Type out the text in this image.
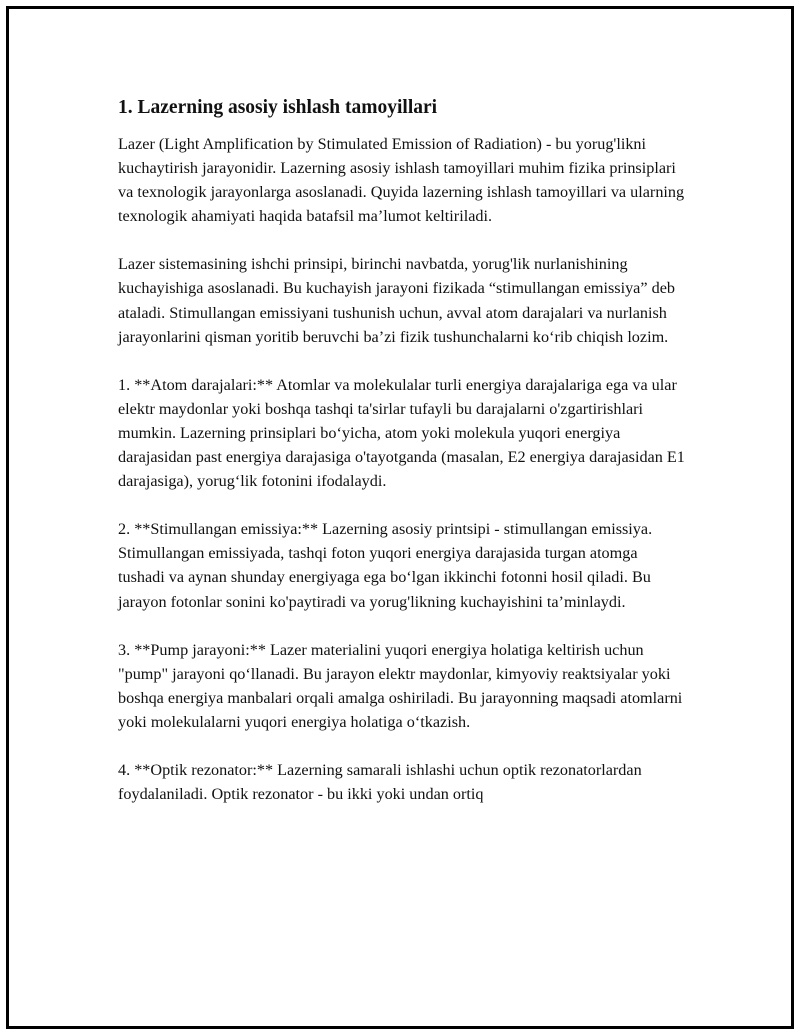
1. Lazerning asosiy ishlash tamoyillari

Lazer (Light Amplification by Stimulated Emission of Radiation) - bu yorug'likni kuchaytirish jarayonidir. Lazerning asosiy ishlash tamoyillari muhim fizika prinsiplari va texnologik jarayonlarga asoslanadi. Quyida lazerning ishlash tamoyillari va ularning texnologik ahamiyati haqida batafsil ma’lumot keltiriladi.

Lazer sistemasining ishchi prinsipi, birinchi navbatda, yorug'lik nurlanishining kuchayishiga asoslanadi. Bu kuchayish jarayoni fizikada “stimullangan emissiya” deb ataladi. Stimullangan emissiyani tushunish uchun, avval atom darajalari va nurlanish jarayonlarini qisman yoritib beruvchi ba’zi fizik tushunchalarni ko‘rib chiqish lozim.

1. **Atom darajalari:** Atomlar va molekulalar turli energiya darajalariga ega va ular elektr maydonlar yoki boshqa tashqi ta'sirlar tufayli bu darajalarni o'zgartirishlari mumkin. Lazerning prinsiplari bo‘yicha, atom yoki molekula yuqori energiya darajasidan past energiya darajasiga o'tayotganda (masalan, E2 energiya darajasidan E1 darajasiga), yorug‘lik fotonini ifodalaydi.

2. **Stimullangan emissiya:** Lazerning asosiy printsipi - stimullangan emissiya. Stimullangan emissiyada, tashqi foton yuqori energiya darajasida turgan atomga tushadi va aynan shunday energiyaga ega bo‘lgan ikkinchi fotonni hosil qiladi. Bu jarayon fotonlar sonini ko'paytiradi va yorug'likning kuchayishini ta’minlaydi.

3. **Pump jarayoni:** Lazer materialini yuqori energiya holatiga keltirish uchun "pump" jarayoni qo‘llanadi. Bu jarayon elektr maydonlar, kimyoviy reaktsiyalar yoki boshqa energiya manbalari orqali amalga oshiriladi. Bu jarayonning maqsadi atomlarni yoki molekulalarni yuqori energiya holatiga o‘tkazish.

4. **Optik rezonator:** Lazerning samarali ishlashi uchun optik rezonatorlardan foydalaniladi. Optik rezonator - bu ikki yoki undan ortiq
